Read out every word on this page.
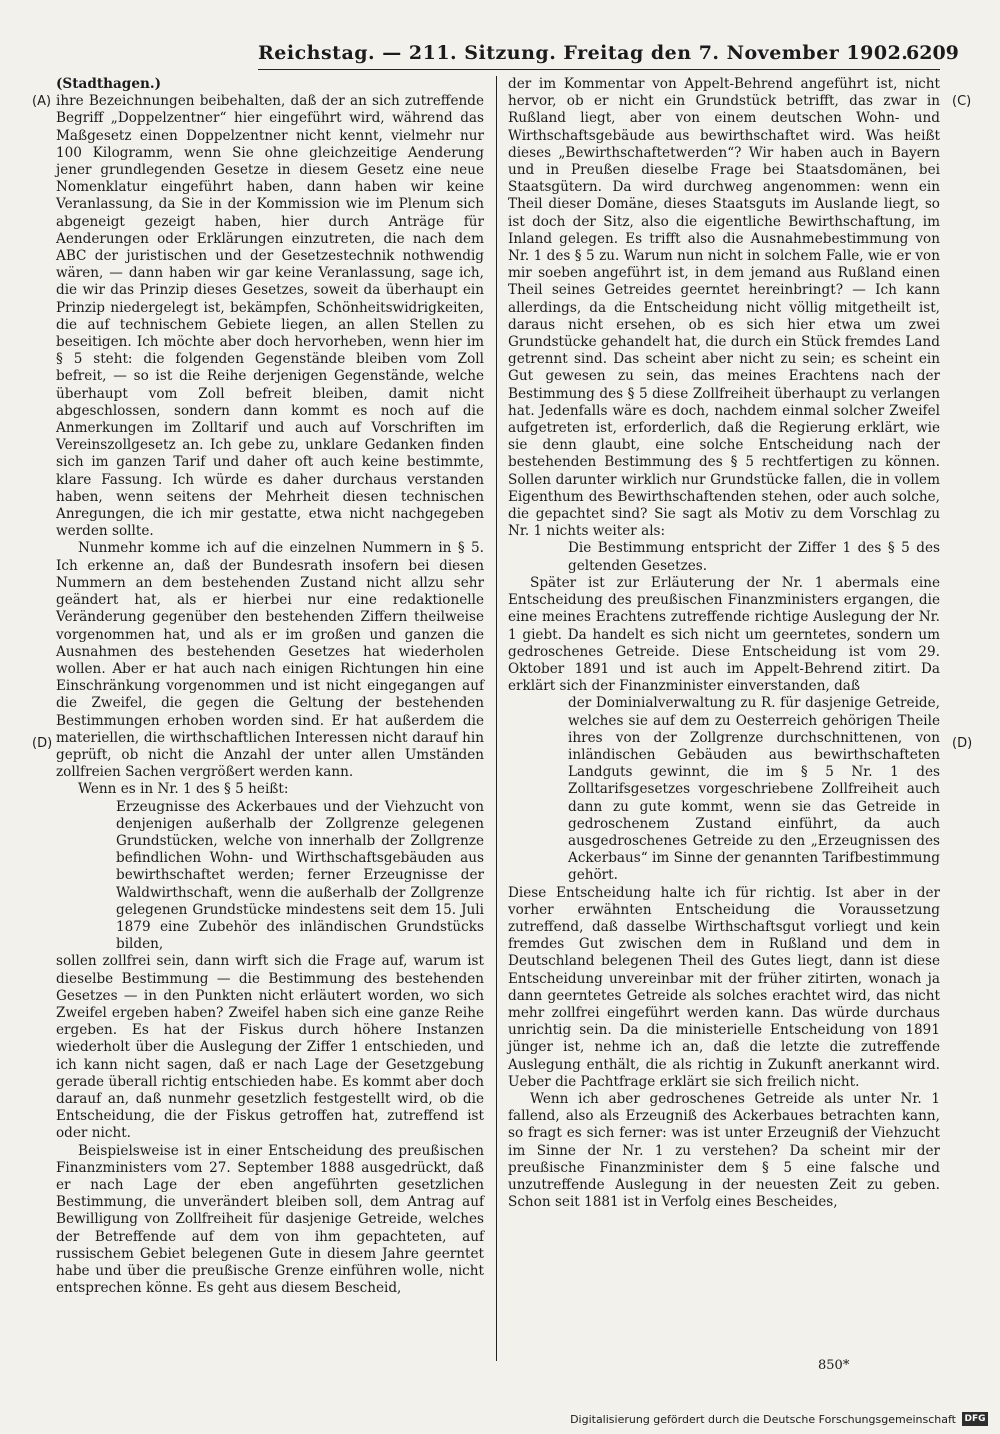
Reichstag. — 211. Sitzung. Freitag den 7. November 1902.
6209
(A)	(C)
(D)	(D)

(Stadthagen.)

ihre Bezeichnungen beibehalten, daß der an sich zutreffende Begriff „Doppelzentner“ hier eingeführt wird, während das Maßgesetz einen Doppelzentner nicht kennt, vielmehr nur 100 Kilogramm, wenn Sie ohne gleichzeitige Aenderung jener grundlegenden Gesetze in diesem Gesetz eine neue Nomenklatur eingeführt haben, dann haben wir keine Veranlassung, da Sie in der Kommission wie im Plenum sich abgeneigt gezeigt haben, hier durch Anträge für Aenderungen oder Erklärungen einzutreten, die nach dem ABC der juristischen und der Gesetzestechnik nothwendig wären, — dann haben wir gar keine Veranlassung, sage ich, die wir das Prinzip dieses Gesetzes, soweit da überhaupt ein Prinzip niedergelegt ist, bekämpfen, Schönheitswidrigkeiten, die auf technischem Gebiete liegen, an allen Stellen zu beseitigen. Ich möchte aber doch hervorheben, wenn hier im § 5 steht: die folgenden Gegenstände bleiben vom Zoll befreit, — so ist die Reihe derjenigen Gegenstände, welche überhaupt vom Zoll befreit bleiben, damit nicht abgeschlossen, sondern dann kommt es noch auf die Anmerkungen im Zolltarif und auch auf Vorschriften im Vereinszollgesetz an. Ich gebe zu, unklare Gedanken finden sich im ganzen Tarif und daher oft auch keine bestimmte, klare Fassung. Ich würde es daher durchaus verstanden haben, wenn seitens der Mehrheit diesen technischen Anregungen, die ich mir gestatte, etwa nicht nachgegeben werden sollte.

Nunmehr komme ich auf die einzelnen Nummern in § 5. Ich erkenne an, daß der Bundesrath insofern bei diesen Nummern an dem bestehenden Zustand nicht allzu sehr geändert hat, als er hierbei nur eine redaktionelle Veränderung gegenüber den bestehenden Ziffern theilweise vorgenommen hat, und als er im großen und ganzen die Ausnahmen des bestehenden Gesetzes hat wiederholen wollen. Aber er hat auch nach einigen Richtungen hin eine Einschränkung vorgenommen und ist nicht eingegangen auf die Zweifel, die gegen die Geltung der bestehenden Bestimmungen erhoben worden sind. Er hat außerdem die materiellen, die wirthschaftlichen Interessen nicht darauf hin geprüft, ob nicht die Anzahl der unter allen Umständen zollfreien Sachen vergrößert werden kann.

Wenn es in Nr. 1 des § 5 heißt:

Erzeugnisse des Ackerbaues und der Viehzucht von denjenigen außerhalb der Zollgrenze gelegenen Grundstücken, welche von innerhalb der Zollgrenze befindlichen Wohn- und Wirthschaftsgebäuden aus bewirthschaftet werden; ferner Erzeugnisse der Waldwirthschaft, wenn die außerhalb der Zollgrenze gelegenen Grundstücke mindestens seit dem 15. Juli 1879 eine Zubehör des inländischen Grundstücks bilden,

sollen zollfrei sein, dann wirft sich die Frage auf, warum ist dieselbe Bestimmung — die Bestimmung des bestehenden Gesetzes — in den Punkten nicht erläutert worden, wo sich Zweifel ergeben haben? Zweifel haben sich eine ganze Reihe ergeben. Es hat der Fiskus durch höhere Instanzen wiederholt über die Auslegung der Ziffer 1 entschieden, und ich kann nicht sagen, daß er nach Lage der Gesetzgebung gerade überall richtig entschieden habe. Es kommt aber doch darauf an, daß nunmehr gesetzlich festgestellt wird, ob die Entscheidung, die der Fiskus getroffen hat, zutreffend ist oder nicht.

Beispielsweise ist in einer Entscheidung des preußischen Finanzministers vom 27. September 1888 ausgedrückt, daß er nach Lage der eben angeführten gesetzlichen Bestimmung, die unverändert bleiben soll, dem Antrag auf Bewilligung von Zollfreiheit für dasjenige Getreide, welches der Betreffende auf dem von ihm gepachteten, auf russischem Gebiet belegenen Gute in diesem Jahre geerntet habe und über die preußische Grenze einführen wolle, nicht entsprechen könne. Es geht aus diesem Bescheid,

der im Kommentar von Appelt-Behrend angeführt ist, nicht hervor, ob er nicht ein Grundstück betrifft, das zwar in Rußland liegt, aber von einem deutschen Wohn- und Wirthschaftsgebäude aus bewirthschaftet wird. Was heißt dieses „Bewirthschaftetwerden“? Wir haben auch in Bayern und in Preußen dieselbe Frage bei Staatsdomänen, bei Staatsgütern. Da wird durchweg angenommen: wenn ein Theil dieser Domäne, dieses Staatsguts im Auslande liegt, so ist doch der Sitz, also die eigentliche Bewirthschaftung, im Inland gelegen. Es trifft also die Ausnahmebestimmung von Nr. 1 des § 5 zu. Warum nun nicht in solchem Falle, wie er von mir soeben angeführt ist, in dem jemand aus Rußland einen Theil seines Getreides geerntet hereinbringt? — Ich kann allerdings, da die Entscheidung nicht völlig mitgetheilt ist, daraus nicht ersehen, ob es sich hier etwa um zwei Grundstücke gehandelt hat, die durch ein Stück fremdes Land getrennt sind. Das scheint aber nicht zu sein; es scheint ein Gut gewesen zu sein, das meines Erachtens nach der Bestimmung des § 5 diese Zollfreiheit überhaupt zu verlangen hat. Jedenfalls wäre es doch, nachdem einmal solcher Zweifel aufgetreten ist, erforderlich, daß die Regierung erklärt, wie sie denn glaubt, eine solche Entscheidung nach der bestehenden Bestimmung des § 5 rechtfertigen zu können. Sollen darunter wirklich nur Grundstücke fallen, die in vollem Eigenthum des Bewirthschaftenden stehen, oder auch solche, die gepachtet sind? Sie sagt als Motiv zu dem Vorschlag zu Nr. 1 nichts weiter als:

Die Bestimmung entspricht der Ziffer 1 des § 5 des geltenden Gesetzes.

Später ist zur Erläuterung der Nr. 1 abermals eine Entscheidung des preußischen Finanzministers ergangen, die eine meines Erachtens zutreffende richtige Auslegung der Nr. 1 giebt. Da handelt es sich nicht um geerntetes, sondern um gedroschenes Getreide. Diese Entscheidung ist vom 29. Oktober 1891 und ist auch im Appelt-Behrend zitirt. Da erklärt sich der Finanzminister einverstanden, daß

der Dominialverwaltung zu R. für dasjenige Getreide, welches sie auf dem zu Oesterreich gehörigen Theile ihres von der Zollgrenze durchschnittenen, von inländischen Gebäuden aus bewirthschafteten Landguts gewinnt, die im § 5 Nr. 1 des Zolltarifsgesetzes vorgeschriebene Zollfreiheit auch dann zu gute kommt, wenn sie das Getreide in gedroschenem Zustand einführt, da auch ausgedroschenes Getreide zu den „Erzeugnissen des Ackerbaus“ im Sinne der genannten Tarifbestimmung gehört.

Diese Entscheidung halte ich für richtig. Ist aber in der vorher erwähnten Entscheidung die Voraussetzung zutreffend, daß dasselbe Wirthschaftsgut vorliegt und kein fremdes Gut zwischen dem in Rußland und dem in Deutschland belegenen Theil des Gutes liegt, dann ist diese Entscheidung unvereinbar mit der früher zitirten, wonach ja dann geerntetes Getreide als solches erachtet wird, das nicht mehr zollfrei eingeführt werden kann. Das würde durchaus unrichtig sein. Da die ministerielle Entscheidung von 1891 jünger ist, nehme ich an, daß die letzte die zutreffende Auslegung enthält, die als richtig in Zukunft anerkannt wird. Ueber die Pachtfrage erklärt sie sich freilich nicht.

Wenn ich aber gedroschenes Getreide als unter Nr. 1 fallend, also als Erzeugniß des Ackerbaues betrachten kann, so fragt es sich ferner: was ist unter Erzeugniß der Viehzucht im Sinne der Nr. 1 zu verstehen? Da scheint mir der preußische Finanzminister dem § 5 eine falsche und unzutreffende Auslegung in der neuesten Zeit zu geben. Schon seit 1881 ist in Verfolg eines Bescheides,

850*
Digitalisierung gefördert durch die Deutsche Forschungsgemeinschaft DFG
